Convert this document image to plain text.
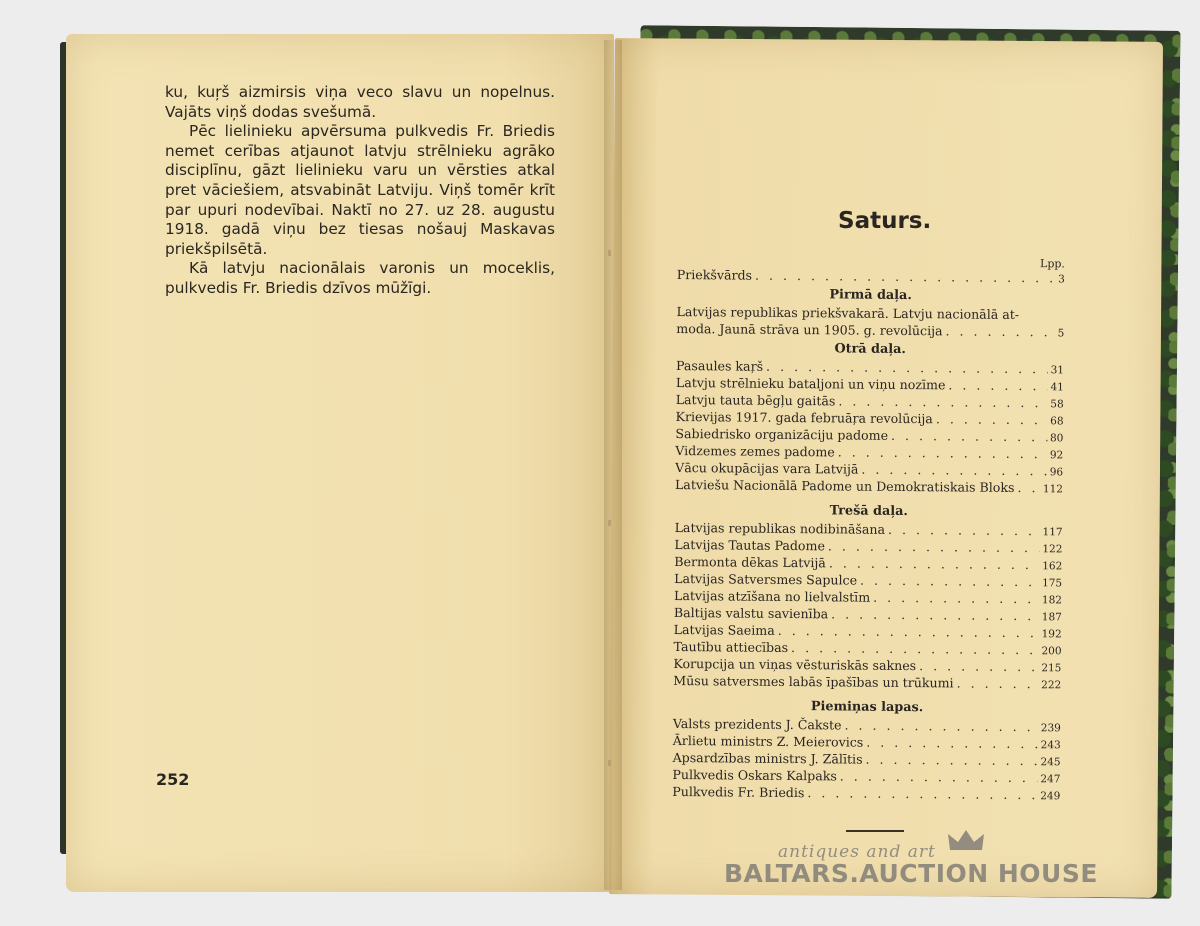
ku, kuŗš aizmirsis viņa veco slavu un nopelnus. Vajāts viņš dodas svešumā.

Pēc lielinieku apvērsuma pulkvedis Fr. Briedis nemet cerības atjaunot latvju strēlnieku agrāko disciplīnu, gāzt lielinieku varu un vērsties atkal pret vāciešiem, atsvabināt Latviju. Viņš tomēr krīt par upuri nodevībai. Naktī no 27. uz 28. augustu 1918. gadā viņu bez tiesas nošauj Maskavas priekšpilsētā.

Kā latvju nacionālais varonis un moceklis, pulkvedis Fr. Briedis dzīvos mūžīgi.

252
Saturs.
Lpp.
Priekšvārds . . .	3
Pirmā daļa.
Latvijas republikas priekšvakarā. Latvju nacionālā at-
moda. Jaunā strāva un 1905. g. revolūcija . . .	5
Otrā daļa.
Pasaules kaŗš . . .	31
Latvju strēlnieku bataljoni un viņu nozīme . . .	41
Latvju tauta bēgļu gaitās . . .	58
Krievijas 1917. gada februāŗa revolūcija . . .	68
Sabiedrisko organizāciju padome . . .	80
Vidzemes zemes padome . . .	92
Vācu okupācijas vara Latvijā . . .	96
Latviešu Nacionālā Padome un Demokratiskais Bloks . . .	112
Trešā daļa.
Latvijas republikas nodibināšana . . .	117
Latvijas Tautas Padome . . .	122
Bermonta dēkas Latvijā . . .	162
Latvijas Satversmes Sapulce . . .	175
Latvijas atzīšana no lielvalstīm . . .	182
Baltijas valstu savienība . . .	187
Latvijas Saeima . . .	192
Tautību attiecības . . .	200
Korupcija un viņas vēsturiskās saknes . . .	215
Mūsu satversmes labās īpašības un trūkumi . . .	222
Piemiņas lapas.
Valsts prezidents J. Čakste . . .	239
Ārlietu ministrs Z. Meierovics . . .	243
Apsardzības ministrs J. Zālītis . . .	245
Pulkvedis Oskars Kalpaks . . .	247
Pulkvedis Fr. Briedis . . .	249
antiques and art
BALTARS.AUCTION HOUSE
